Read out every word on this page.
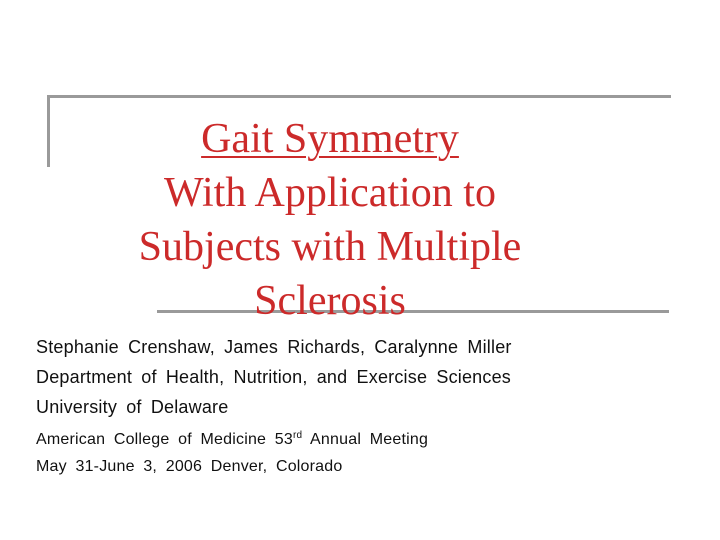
Gait Symmetry
With Application to
Subjects with Multiple
Sclerosis
Stephanie Crenshaw, James Richards, Caralynne Miller
Department of Health, Nutrition, and Exercise Sciences
University of Delaware
American College of Medicine 53rd Annual Meeting
May 31-June 3, 2006 Denver, Colorado
